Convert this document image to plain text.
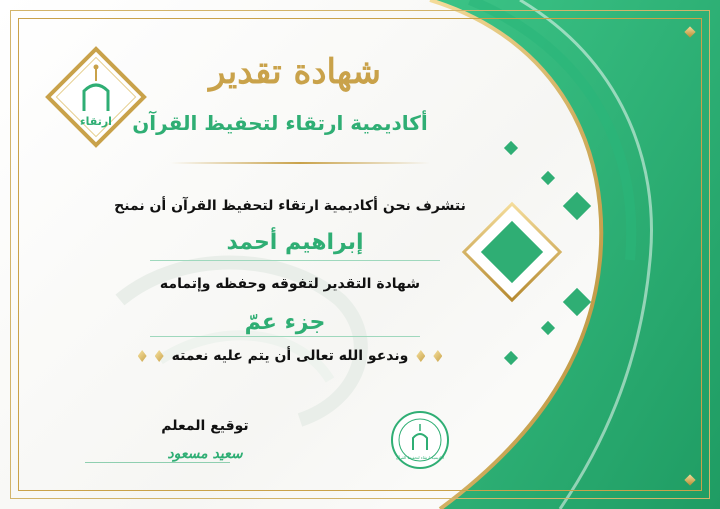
ارتقاء
شهادة تقدير
أكاديمية ارتقاء لتحفيظ القرآن
نتشرف نحن أكاديمية ارتقاء لتحفيظ القرآن أن نمنح
إبراهيم أحمد
شهادة التقدير لتفوقه وحفظه وإتمامه
جزء عمّ
وندعو الله تعالى أن يتم عليه نعمته
توقيع المعلم
سعيد مسعود	أكاديمية ارتقاء لتحفيظ القرآن
